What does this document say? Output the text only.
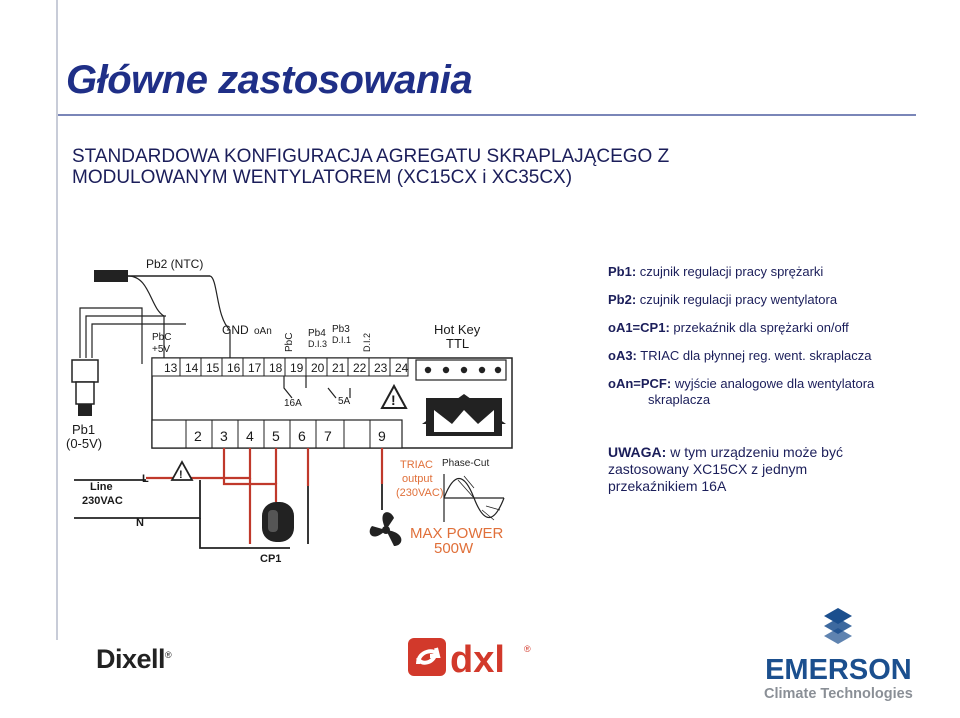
Główne zastosowania
STANDARDOWA KONFIGURACJA AGREGATU SKRAPLAJĄCEGO Z
MODULOWANYM WENTYLATOREM (XC15CX i XC35CX)
Pb2 (NTC)
Pb1
(0-5V)
PbC
+5V
GND oAn
PbC Pb4
D.I.3
Pb3
D.I.1 D.I.2
Hot Key
TTL
13 14 15 16 17 18 19 20 21 22 23 24
16A	5A	!
2 3 4 5 6 7	9
Line
230VAC
L
N
!
CP1
TRIAC
output
(230VAC)
Phase-Cut
MAX POWER
500W
Pb1: czujnik regulacji pracy sprężarki
Pb2: czujnik regulacji pracy wentylatora
oA1=CP1: przekaźnik dla sprężarki on/off
oA3: TRIAC dla płynnej reg. went. skraplacza
oAn=PCF: wyjście analogowe dla wentylatora
skraplacza
UWAGA: w tym urządzeniu może być
zastosowany XC15CX z jednym
przekaźnikiem 16A
Dixell®	dxl ®
EMERSON
Climate Technologies
